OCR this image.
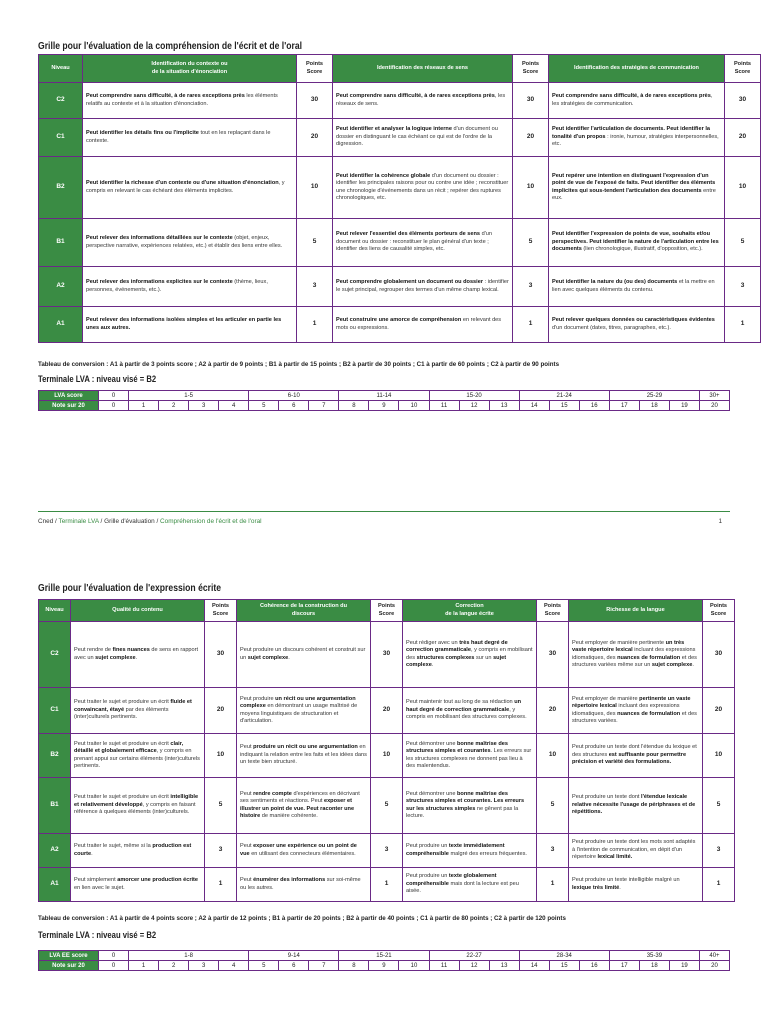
Grille pour l'évaluation de la compréhension de l'écrit et de l'oral
Niveau	Identification du contexte ou
de la situation d'énonciation	Points
Score	Identification des réseaux de sens	Points
Score	Identification des stratégies de communication	Points
Score
C2	Peut comprendre sans difficulté, à de rares exceptions près les éléments relatifs au contexte et à la situation d'énonciation.	30	Peut comprendre sans difficulté, à de rares exceptions près, les réseaux de sens.	30	Peut comprendre sans difficulté, à de rares exceptions près, les stratégies de communication.	30
C1	Peut identifier les détails fins ou l'implicite tout en les replaçant dans le contexte.	20	Peut identifier et analyser la logique interne d'un document ou dossier en distinguant le cas échéant ce qui est de l'ordre de la digression.	20	Peut identifier l'articulation de documents. Peut identifier la tonalité d'un propos : ironie, humour, stratégies interpersonnelles, etc.	20
B2	Peut identifier la richesse d'un contexte ou d'une situation d'énonciation, y compris en relevant le cas échéant des éléments implicites.	10	Peut identifier la cohérence globale d'un document ou dossier : identifier les principales raisons pour ou contre une idée ; reconstituer une chronologie d'événements dans un récit ; repérer des ruptures chronologiques, etc.	10	Peut repérer une intention en distinguant l'expression d'un point de vue de l'exposé de faits. Peut identifier des éléments implicites qui sous-tendent l'articulation des documents entre eux.	10
B1	Peut relever des informations détaillées sur le contexte (objet, enjeux, perspective narrative, expériences relatées, etc.) et établir des liens entre elles.	5	Peut relever l'essentiel des éléments porteurs de sens d'un document ou dossier : reconstituer le plan général d'un texte ; identifier des liens de causalité simples, etc.	5	Peut identifier l'expression de points de vue, souhaits et/ou perspectives. Peut identifier la nature de l'articulation entre les documents (lien chronologique, illustratif, d'opposition, etc.).	5
A2	Peut relever des informations explicites sur le contexte (thème, lieux, personnes, événements, etc.).	3	Peut comprendre globalement un document ou dossier : identifier le sujet principal, regrouper des termes d'un même champ lexical.	3	Peut identifier la nature du (ou des) documents et la mettre en lien avec quelques éléments du contenu.	3
A1	Peut relever des informations isolées simples et les articuler en partie les unes aux autres.	1	Peut construire une amorce de compréhension en relevant des mots ou expressions.	1	Peut relever quelques données ou caractéristiques évidentes d'un document (dates, titres, paragraphes, etc.).	1
Tableau de conversion : A1 à partir de 3 points score ; A2 à partir de 9 points ; B1 à partir de 15 points ; B2 à partir de 30 points ; C1 à partir de 60 points ; C2 à partir de 90 points
Terminale LVA : niveau visé = B2
LVA score	0	1-5				6-10			11-14			15-20			21-24			25-29			30+
Note sur 20	0	1	2	3	4	5	6	7	8	9	10	11	12	13	14	15	16	17	18	19	20
Cned / Terminale LVA / Grille d'évaluation / Compréhension de l'écrit et de l'oral	1
Grille pour l'évaluation de l'expression écrite
Niveau	Qualité du contenu	Points
Score	Cohérence de la construction du
discours	Points
Score	Correction
de la langue écrite	Points
Score	Richesse de la langue	Points
Score
C2	Peut rendre de fines nuances de sens en rapport avec un sujet complexe.	30	Peut produire un discours cohérent et construit sur un sujet complexe.	30	Peut rédiger avec un très haut degré de correction grammaticale, y compris en mobilisant des structures complexes sur un sujet complexe.	30	Peut employer de manière pertinente un très vaste répertoire lexical incluant des expressions idiomatiques, des nuances de formulation et des structures variées même sur un sujet complexe.	30
C1	Peut traiter le sujet et produire un écrit fluide et convaincant, étayé par des éléments (inter)culturels pertinents.	20	Peut produire un récit ou une argumentation complexe en démontrant un usage maîtrisé de moyens linguistiques de structuration et d'articulation.	20	Peut maintenir tout au long de sa rédaction un haut degré de correction grammaticale, y compris en mobilisant des structures complexes.	20	Peut employer de manière pertinente un vaste répertoire lexical incluant des expressions idiomatiques, des nuances de formulation et des structures variées.	20
B2	Peut traiter le sujet et produire un écrit clair, détaillé et globalement efficace, y compris en prenant appui sur certains éléments (inter)culturels pertinents.	10	Peut produire un récit ou une argumentation en indiquant la relation entre les faits et les idées dans un texte bien structuré.	10	Peut démontrer une bonne maîtrise des structures simples et courantes. Les erreurs sur les structures complexes ne donnent pas lieu à des malentendus.	10	Peut produire un texte dont l'étendue du lexique et des structures est suffisante pour permettre précision et variété des formulations.	10
B1	Peut traiter le sujet et produire un écrit intelligible et relativement développé, y compris en faisant référence à quelques éléments (inter)culturels.	5	Peut rendre compte d'expériences en décrivant ses sentiments et réactions. Peut exposer et illustrer un point de vue. Peut raconter une histoire de manière cohérente.	5	Peut démontrer une bonne maîtrise des structures simples et courantes. Les erreurs sur les structures simples ne gênent pas la lecture.	5	Peut produire un texte dont l'étendue lexicale relative nécessite l'usage de périphrases et de répétitions.	5
A2	Peut traiter le sujet, même si la production est courte.	3	Peut exposer une expérience ou un point de vue en utilisant des connecteurs élémentaires.	3	Peut produire un texte immédiatement compréhensible malgré des erreurs fréquentes.	3	Peut produire un texte dont les mots sont adaptés à l'intention de communication, en dépit d'un répertoire lexical limité.	3
A1	Peut simplement amorcer une production écrite en lien avec le sujet.	1	Peut énumérer des informations sur soi-même ou les autres.	1	Peut produire un texte globalement compréhensible mais dont la lecture est peu aisée.	1	Peut produire un texte intelligible malgré un lexique très limité.	1
Tableau de conversion : A1 à partir de 4 points score ; A2 à partir de 12 points ; B1 à partir de 20 points ; B2 à partir de 40 points ; C1 à partir de 80 points ; C2 à partir de 120 points
Terminale LVA : niveau visé = B2
LVA EE score	0	1-8				9-14			15-21			22-27			28-34			35-39			40+
Note sur 20	0	1	2	3	4	5	6	7	8	9	10	11	12	13	14	15	16	17	18	19	20
